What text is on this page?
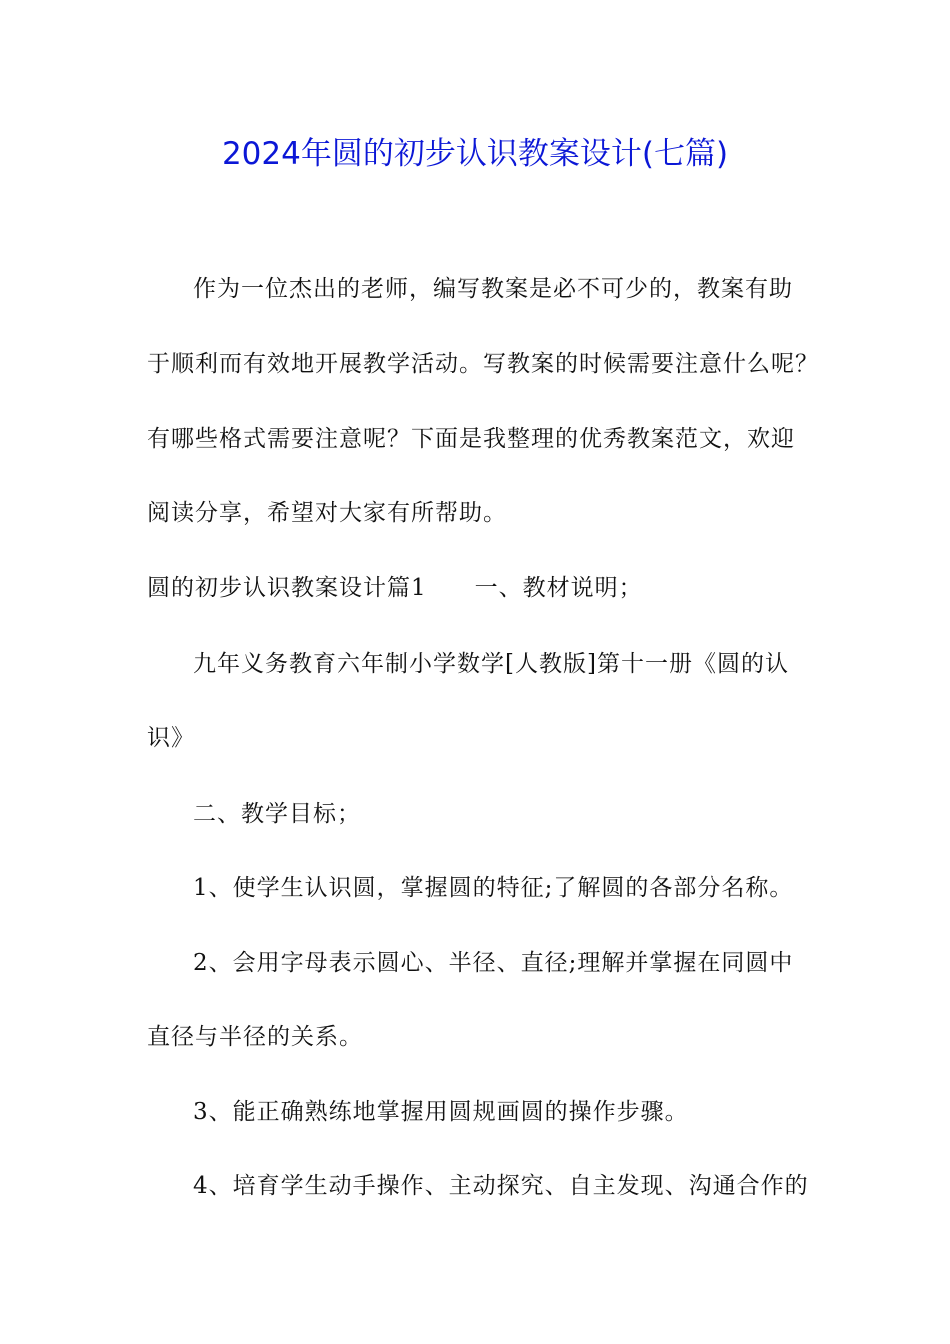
2024年圆的初步认识教案设计(七篇)
作为一位杰出的老师，编写教案是必不可少的，教案有助
于顺利而有效地开展教学活动。写教案的时候需要注意什么呢？
有哪些格式需要注意呢？下面是我整理的优秀教案范文，欢迎
阅读分享，希望对大家有所帮助。
圆的初步认识教案设计篇1　　一、教材说明；
九年义务教育六年制小学数学[人教版]第十一册《圆的认
识》
二、教学目标；
1、使学生认识圆，掌握圆的特征;了解圆的各部分名称。
2、会用字母表示圆心、半径、直径;理解并掌握在同圆中
直径与半径的关系。
3、能正确熟练地掌握用圆规画圆的操作步骤。
4、培育学生动手操作、主动探究、自主发现、沟通合作的
